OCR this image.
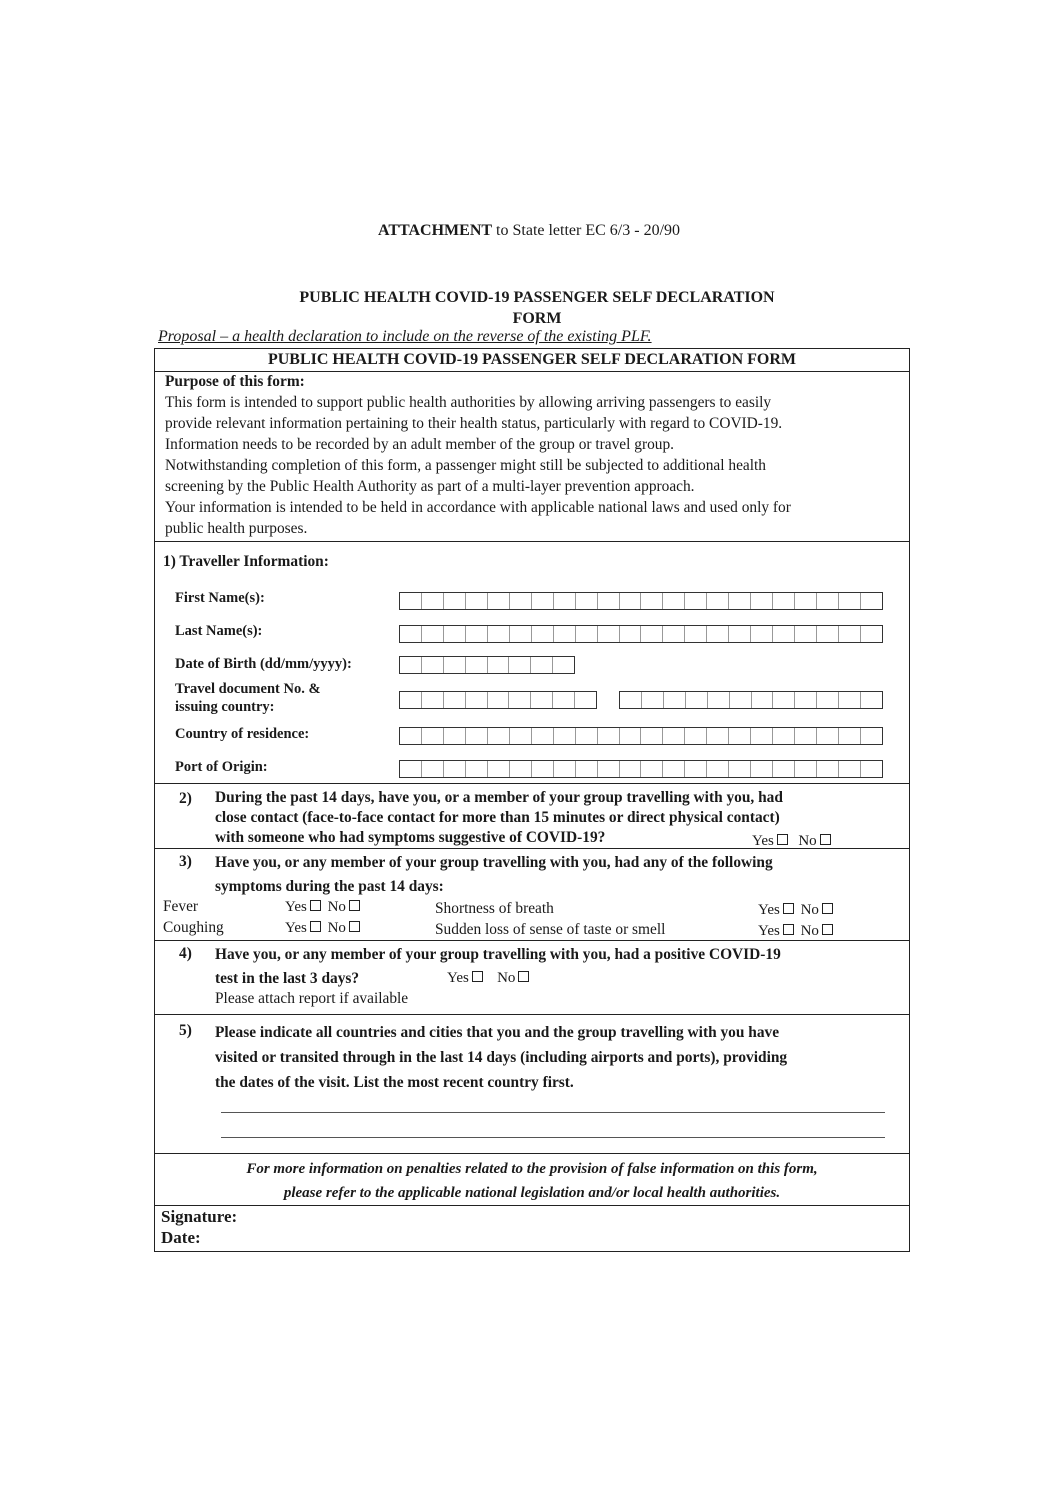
ATTACHMENT to State letter EC 6/3 - 20/90
PUBLIC HEALTH COVID-19 PASSENGER SELF DECLARATION
FORM
Proposal – a health declaration to include on the reverse of the existing PLF.
PUBLIC HEALTH COVID-19 PASSENGER SELF DECLARATION FORM
Purpose of this form:
This form is intended to support public health authorities by allowing arriving passengers to easily
provide relevant information pertaining to their health status, particularly with regard to COVID-19.
Information needs to be recorded by an adult member of the group or travel group.
Notwithstanding completion of this form, a passenger might still be subjected to additional health
screening by the Public Health Authority as part of a multi-layer prevention approach.
Your information is intended to be held in accordance with applicable national laws and used only for
public health purposes.
1) Traveller Information:
First Name(s):
Last Name(s):
Date of Birth (dd/mm/yyyy):
Travel document No. &
issuing country:
Country of residence:
Port of Origin:
2) During the past 14 days, have you, or a member of your group travelling with you, had
close contact (face-to-face contact for more than 15 minutes or direct physical contact)
with someone who had symptoms suggestive of COVID-19?	Yes No
3) Have you, or any member of your group travelling with you, had any of the following
symptoms during the past 14 days:
Fever	Yes No	Shortness of breath	Yes No
Coughing	Yes No	Sudden loss of sense of taste or smell	Yes No
4) Have you, or any member of your group travelling with you, had a positive COVID-19
test in the last 3 days?	Yes No
Please attach report if available
5) Please indicate all countries and cities that you and the group travelling with you have
visited or transited through in the last 14 days (including airports and ports), providing
the dates of the visit. List the most recent country first.
For more information on penalties related to the provision of false information on this form,
please refer to the applicable national legislation and/or local health authorities.
Signature:
Date:
